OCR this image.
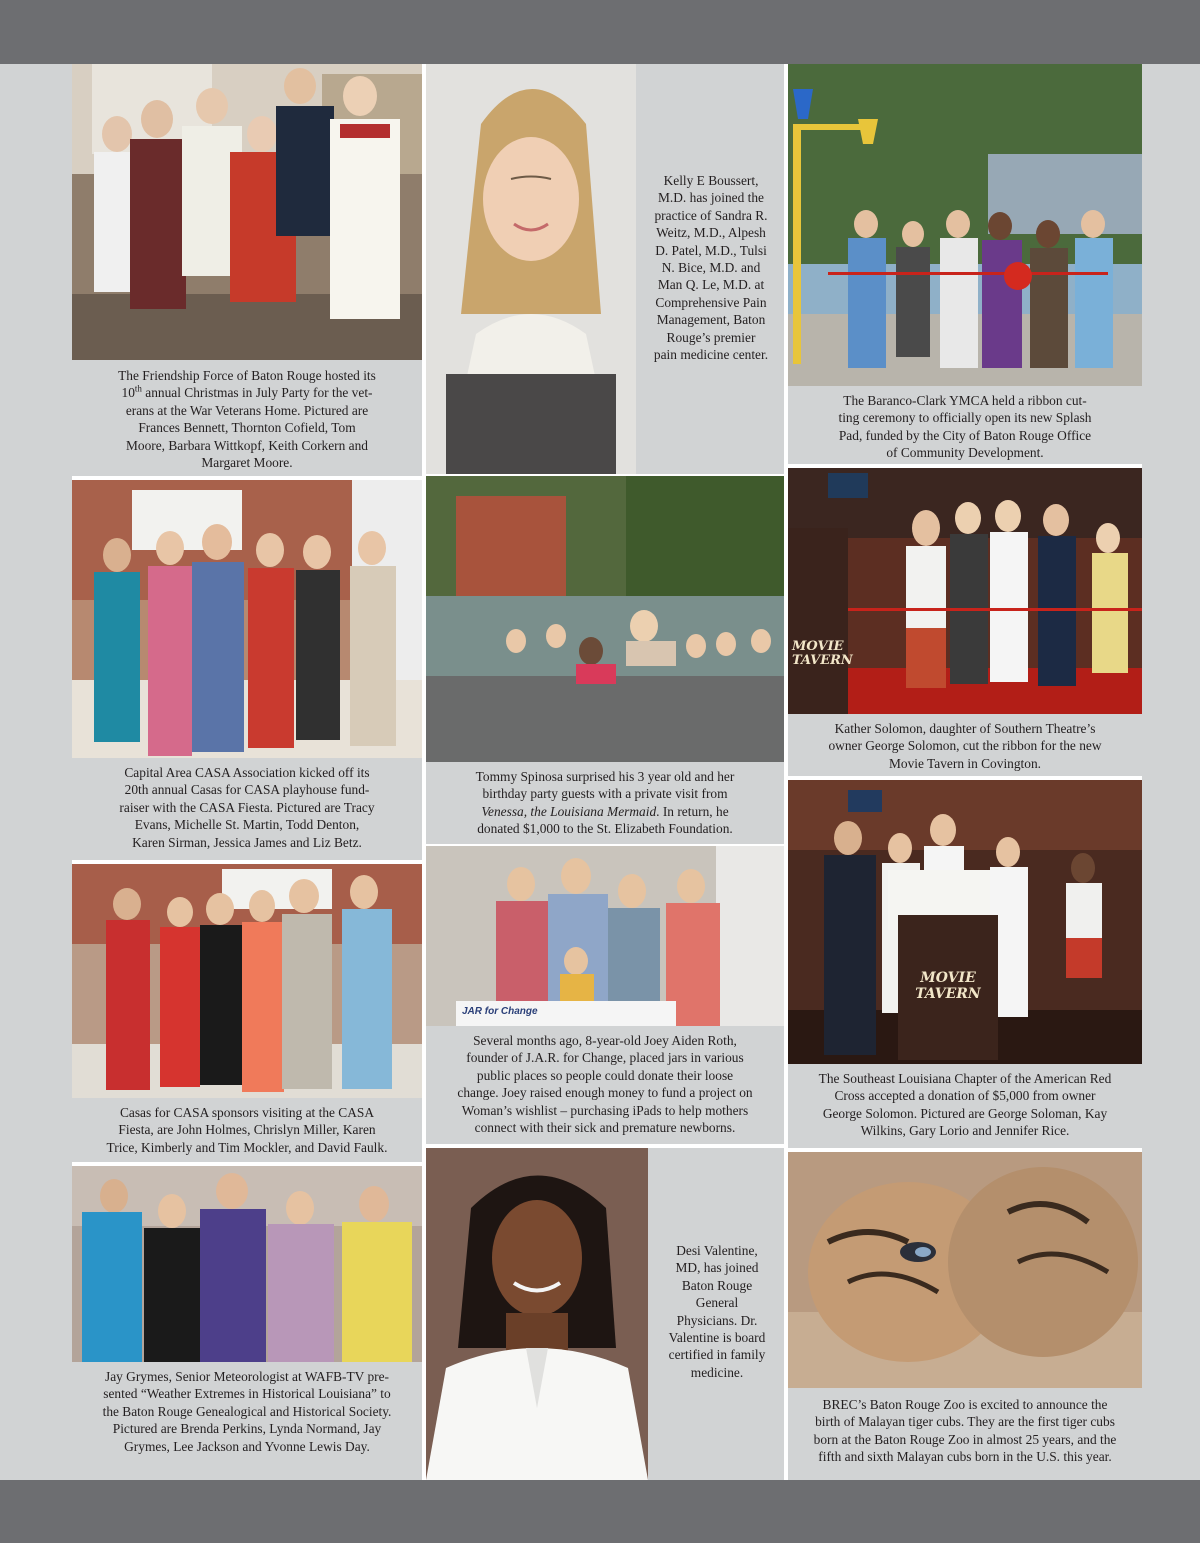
The Friendship Force of Baton Rouge hosted its
10th annual Christmas in July Party for the vet-
erans at the War Veterans Home. Pictured are
Frances Bennett, Thornton Cofield, Tom
Moore, Barbara Wittkopf, Keith Corkern and
Margaret Moore.
Capital Area CASA Association kicked off its
20th annual Casas for CASA playhouse fund-
raiser with the CASA Fiesta. Pictured are Tracy
Evans, Michelle St. Martin, Todd Denton,
Karen Sirman, Jessica James and Liz Betz.
Casas for CASA sponsors visiting at the CASA
Fiesta, are John Holmes, Chrislyn Miller, Karen
Trice, Kimberly and Tim Mockler, and David Faulk.
Jay Grymes, Senior Meteorologist at WAFB-TV pre-
sented “Weather Extremes in Historical Louisiana” to
the Baton Rouge Genealogical and Historical Society.
Pictured are Brenda Perkins, Lynda Normand, Jay
Grymes, Lee Jackson and Yvonne Lewis Day.
Kelly E Boussert,
M.D. has joined the
practice of Sandra R.
Weitz, M.D., Alpesh
D. Patel, M.D., Tulsi
N. Bice, M.D. and
Man Q. Le, M.D. at
Comprehensive Pain
Management, Baton
Rouge’s premier
pain medicine center.
Tommy Spinosa surprised his 3 year old and her
birthday party guests with a private visit from
Venessa, the Louisiana Mermaid. In return, he
donated $1,000 to the St. Elizabeth Foundation.
JAR for Change
Several months ago, 8-year-old Joey Aiden Roth,
founder of J.A.R. for Change, placed jars in various
public places so people could donate their loose
change. Joey raised enough money to fund a project on
Woman’s wishlist – purchasing iPads to help mothers
connect with their sick and premature newborns.
Desi Valentine,
MD, has joined
Baton Rouge
General
Physicians. Dr.
Valentine is board
certified in family
medicine.
The Baranco-Clark YMCA held a ribbon cut-
ting ceremony to officially open its new Splash
Pad, funded by the City of Baton Rouge Office
of Community Development.
MOVIE TAVERN
Kather Solomon, daughter of Southern Theatre’s
owner George Solomon, cut the ribbon for the new
Movie Tavern in Covington.
MOVIE TAVERN
The Southeast Louisiana Chapter of the American Red
Cross accepted a donation of $5,000 from owner
George Solomon. Pictured are George Soloman, Kay
Wilkins, Gary Lorio and Jennifer Rice.
BREC’s Baton Rouge Zoo is excited to announce the
birth of Malayan tiger cubs. They are the first tiger cubs
born at the Baton Rouge Zoo in almost 25 years, and the
fifth and sixth Malayan cubs born in the U.S. this year.
